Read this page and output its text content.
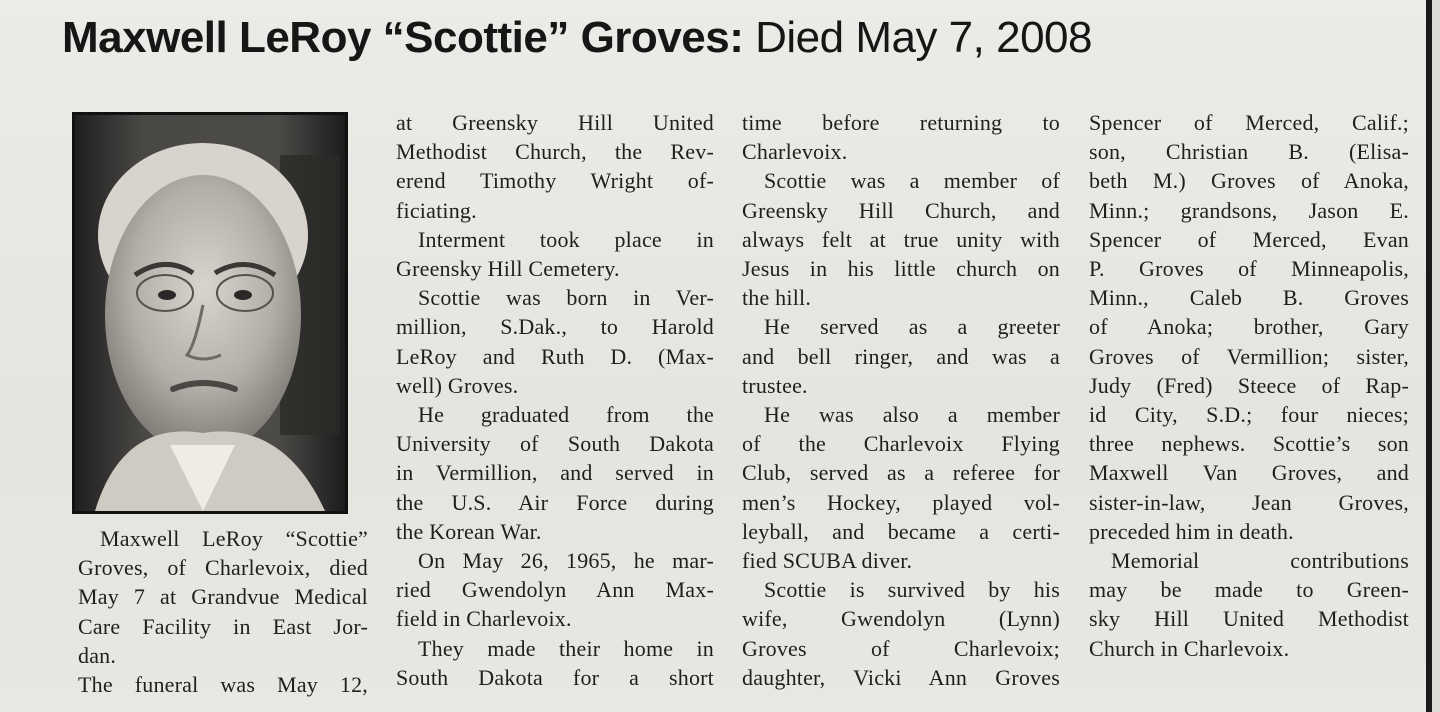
Maxwell LeRoy “Scottie” Groves: Died May 7, 2008
Maxwell LeRoy “Scottie”
Groves, of Charlevoix, died
May 7 at Grandvue Medical
Care Facility in East Jor-
dan.
The funeral was May 12,
at Greensky Hill United
Methodist Church, the Rev-
erend Timothy Wright of-
ficiating.
Interment took place in
Greensky Hill Cemetery.
Scottie was born in Ver-
million, S.Dak., to Harold
LeRoy and Ruth D. (Max-
well) Groves.
He graduated from the
University of South Dakota
in Vermillion, and served in
the U.S. Air Force during
the Korean War.
On May 26, 1965, he mar-
ried Gwendolyn Ann Max-
field in Charlevoix.
They made their home in
South Dakota for a short
time before returning to
Charlevoix.
Scottie was a member of
Greensky Hill Church, and
always felt at true unity with
Jesus in his little church on
the hill.
He served as a greeter
and bell ringer, and was a
trustee.
He was also a member
of the Charlevoix Flying
Club, served as a referee for
men’s Hockey, played vol-
leyball, and became a certi-
fied SCUBA diver.
Scottie is survived by his
wife, Gwendolyn (Lynn)
Groves of Charlevoix;
daughter, Vicki Ann Groves
Spencer of Merced, Calif.;
son, Christian B. (Elisa-
beth M.) Groves of Anoka,
Minn.; grandsons, Jason E.
Spencer of Merced, Evan
P. Groves of Minneapolis,
Minn., Caleb B. Groves
of Anoka; brother, Gary
Groves of Vermillion; sister,
Judy (Fred) Steece of Rap-
id City, S.D.; four nieces;
three nephews. Scottie’s son
Maxwell Van Groves, and
sister-in-law, Jean Groves,
preceded him in death.
Memorial contributions
may be made to Green-
sky Hill United Methodist
Church in Charlevoix.
